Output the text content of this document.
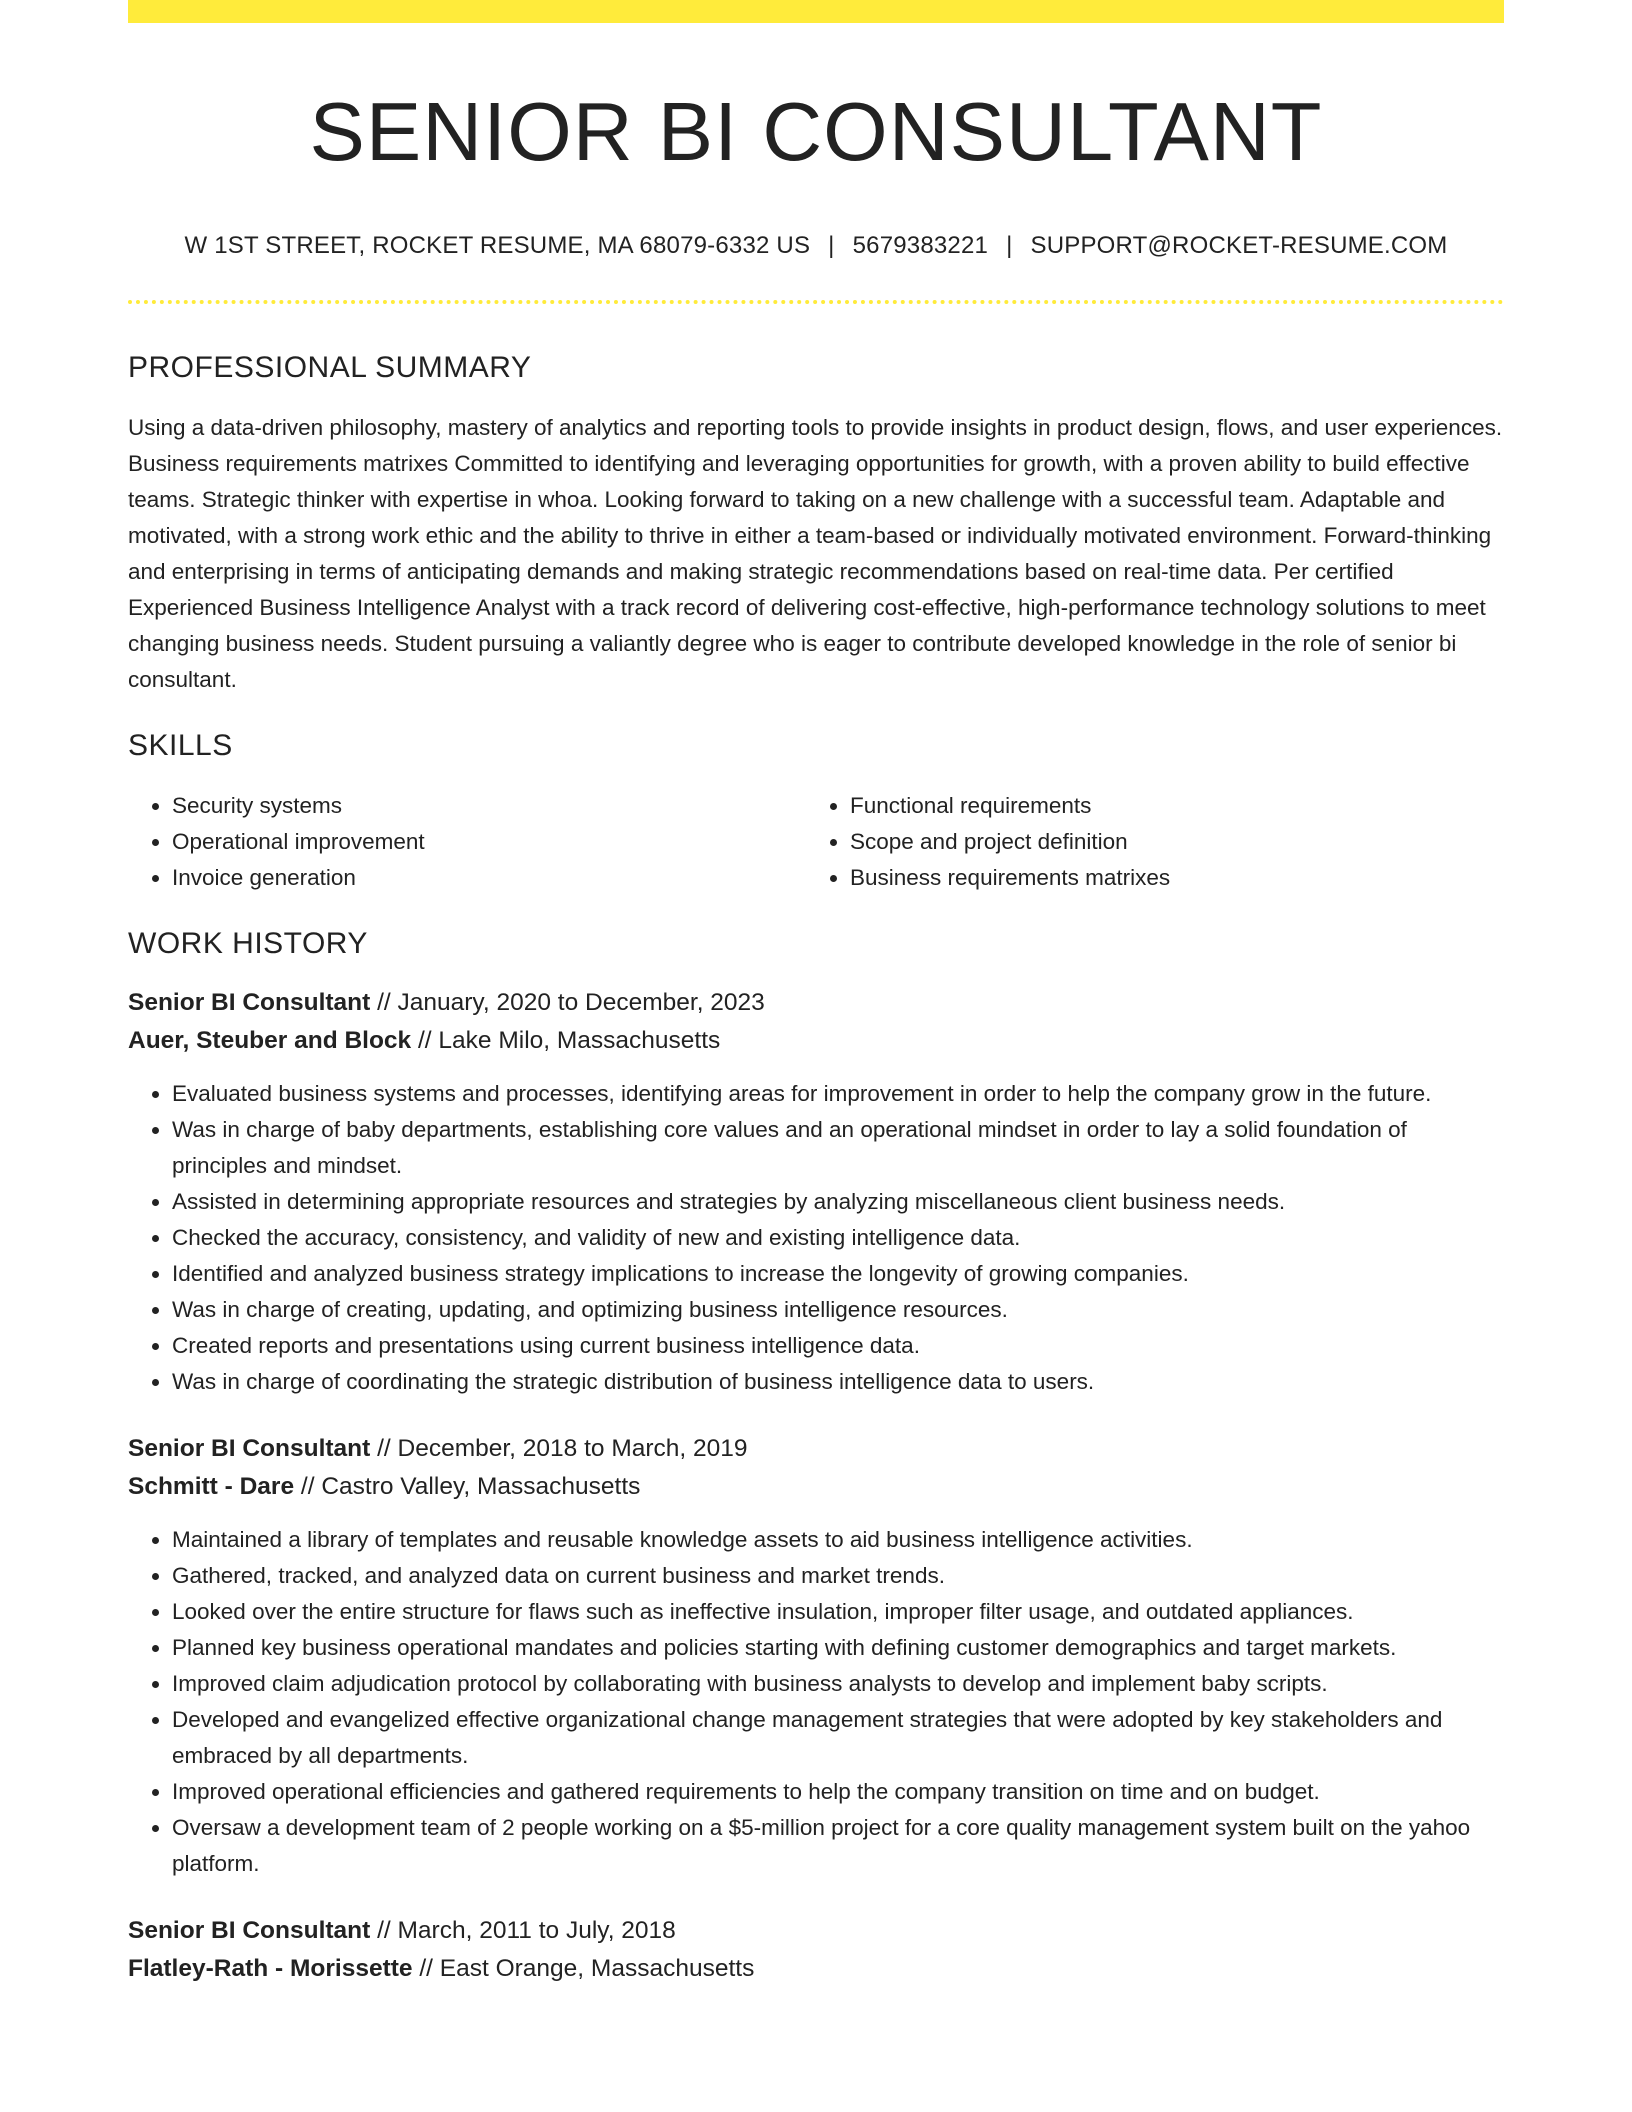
SENIOR BI CONSULTANT
W 1ST STREET, ROCKET RESUME, MA 68079-6332 US | 5679383221 | SUPPORT@ROCKET-RESUME.COM
PROFESSIONAL SUMMARY
Using a data-driven philosophy, mastery of analytics and reporting tools to provide insights in product design, flows, and user experiences. Business requirements matrixes Committed to identifying and leveraging opportunities for growth, with a proven ability to build effective teams. Strategic thinker with expertise in whoa. Looking forward to taking on a new challenge with a successful team. Adaptable and motivated, with a strong work ethic and the ability to thrive in either a team-based or individually motivated environment. Forward-thinking and enterprising in terms of anticipating demands and making strategic recommendations based on real-time data. Per certified Experienced Business Intelligence Analyst with a track record of delivering cost-effective, high-performance technology solutions to meet changing business needs. Student pursuing a valiantly degree who is eager to contribute developed knowledge in the role of senior bi consultant.
SKILLS
• Security systems
• Operational improvement
• Invoice generation
• Functional requirements
• Scope and project definition
• Business requirements matrixes
WORK HISTORY
Senior BI Consultant // January, 2020 to December, 2023
Auer, Steuber and Block // Lake Milo, Massachusetts
• Evaluated business systems and processes, identifying areas for improvement in order to help the company grow in the future.
• Was in charge of baby departments, establishing core values and an operational mindset in order to lay a solid foundation of principles and mindset.
• Assisted in determining appropriate resources and strategies by analyzing miscellaneous client business needs.
• Checked the accuracy, consistency, and validity of new and existing intelligence data.
• Identified and analyzed business strategy implications to increase the longevity of growing companies.
• Was in charge of creating, updating, and optimizing business intelligence resources.
• Created reports and presentations using current business intelligence data.
• Was in charge of coordinating the strategic distribution of business intelligence data to users.
Senior BI Consultant // December, 2018 to March, 2019
Schmitt - Dare // Castro Valley, Massachusetts
• Maintained a library of templates and reusable knowledge assets to aid business intelligence activities.
• Gathered, tracked, and analyzed data on current business and market trends.
• Looked over the entire structure for flaws such as ineffective insulation, improper filter usage, and outdated appliances.
• Planned key business operational mandates and policies starting with defining customer demographics and target markets.
• Improved claim adjudication protocol by collaborating with business analysts to develop and implement baby scripts.
• Developed and evangelized effective organizational change management strategies that were adopted by key stakeholders and embraced by all departments.
• Improved operational efficiencies and gathered requirements to help the company transition on time and on budget.
• Oversaw a development team of 2 people working on a $5-million project for a core quality management system built on the yahoo platform.
Senior BI Consultant // March, 2011 to July, 2018
Flatley-Rath - Morissette // East Orange, Massachusetts
